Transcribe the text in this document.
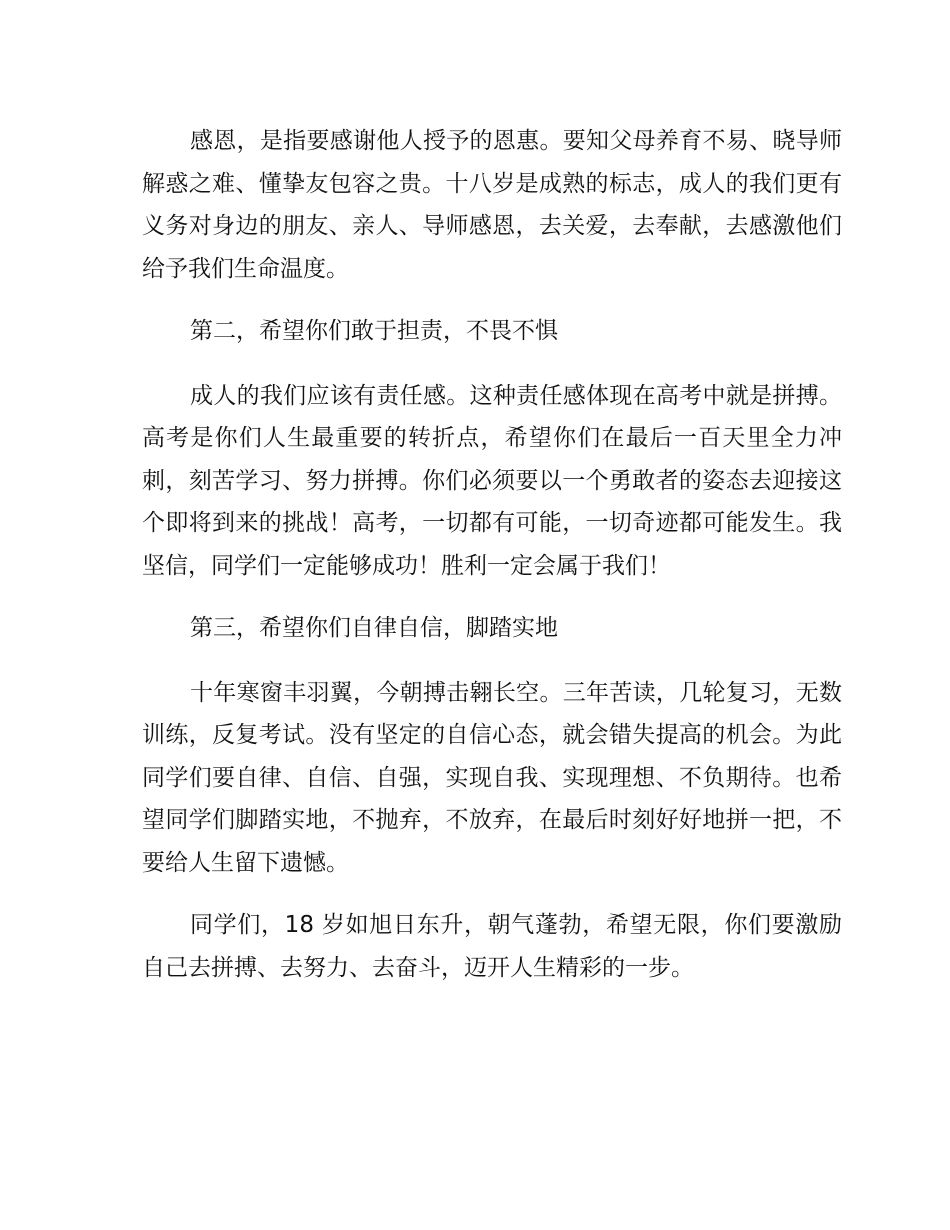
感恩，是指要感谢他人授予的恩惠。要知父母养育不易、晓导师解惑之难、懂挚友包容之贵。十八岁是成熟的标志，成人的我们更有义务对身边的朋友、亲人、导师感恩，去关爱，去奉献，去感激他们给予我们生命温度。

第二，希望你们敢于担责，不畏不惧

成人的我们应该有责任感。这种责任感体现在高考中就是拼搏。高考是你们人生最重要的转折点，希望你们在最后一百天里全力冲刺，刻苦学习、努力拼搏。你们必须要以一个勇敢者的姿态去迎接这个即将到来的挑战！高考，一切都有可能，一切奇迹都可能发生。我坚信，同学们一定能够成功！胜利一定会属于我们！

第三，希望你们自律自信，脚踏实地

十年寒窗丰羽翼，今朝搏击翱长空。三年苦读，几轮复习，无数训练，反复考试。没有坚定的自信心态，就会错失提高的机会。为此同学们要自律、自信、自强，实现自我、实现理想、不负期待。也希望同学们脚踏实地，不抛弃，不放弃，在最后时刻好好地拼一把，不要给人生留下遗憾。

同学们，18 岁如旭日东升，朝气蓬勃，希望无限，你们要激励自己去拼搏、去努力、去奋斗，迈开人生精彩的一步。
